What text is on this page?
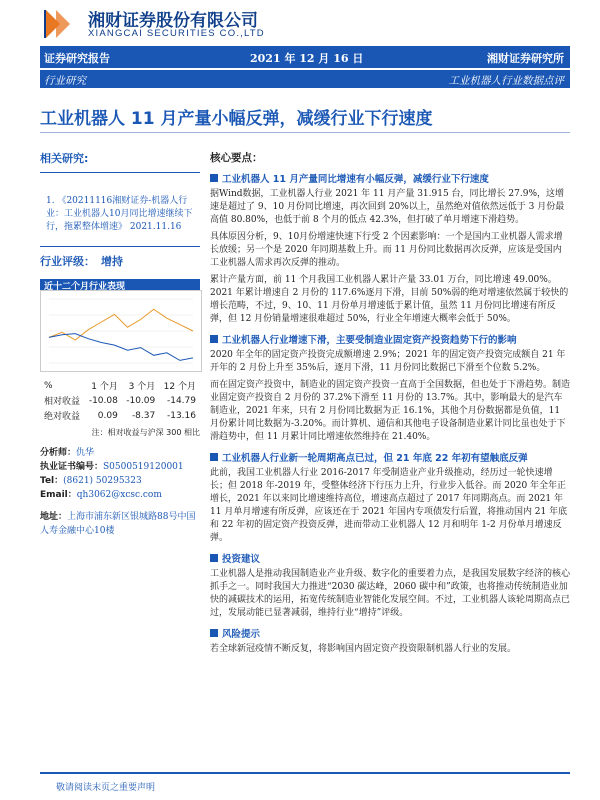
湘财证券股份有限公司
XIANGCAI SECURITIES CO.,LTD
证券研究报告	2021 年 12 月 16 日	湘财证券研究所
行业研究	工业机器人行业数据点评
工业机器人 11 月产量小幅反弹，减缓行业下行速度
相关研究:
1. 《20211116湘财证券-机器人行业：工业机器人10月同比增速继续下行，拖累整体增速》 2021.11.16
行业评级： 增持
近十二个月行业表现
%	1 个月	3 个月	12 个月
相对收益	-10.08	-10.09	-14.79
绝对收益	0.09	-8.37	-13.16
注：相对收益与沪深 300 相比
分析师：仇华
执业证书编号：S0500519120001
Tel：(8621) 50295323
Email：qh3062@xcsc.com
地址：上海市浦东新区银城路88号中国人寿金融中心10楼
核心要点：
工业机器人 11 月产量同比增速有小幅反弹，减缓行业下行速度

据Wind数据，工业机器人行业 2021 年 11 月产量 31.915 台，同比增长 27.9%，这增速是超过了 9、10 月份同比增速，再次回到 20%以上，虽然绝对值依然远低于 3 月份最高值 80.80%，也低于前 8 个月的低点 42.3%，但打破了单月增速下滑趋势。

具体原因分析，9、10月份增速快速下行受 2 个因素影响：一个是国内工业机器人需求增长放缓；另一个是 2020 年同期基数上升。而 11 月份同比数据再次反弹，应该是受国内工业机器人需求再次反弹的推动。

累计产量方面，前 11 个月我国工业机器人累计产量 33.01 万台，同比增速 49.00%。2021 年累计增速自 2 月份的 117.6%逐月下滑，目前 50%弱的绝对增速依然属于较快的增长范畴，不过，9、10、11 月份单月增速低于累计值，虽然 11 月份同比增速有所反弹，但 12 月份销量增速很难超过 50%，行业全年增速大概率会低于 50%。

工业机器人行业增速下滑，主要受制造业固定资产投资趋势下行的影响

2020 年全年的固定资产投资完成额增速 2.9%；2021 年的固定资产投资完成额自 21 年开年的 2 月份上升至 35%后，逐月下滑，11 月份同比数据已下滑至个位数 5.2%。

而在固定资产投资中，制造业的固定资产投资一直高于全国数据，但也处于下滑趋势。制造业固定资产投资自 2 月份的 37.2%下滑至 11 月份的 13.7%。其中，影响最大的是汽车制造业，2021 年来，只有 2 月份同比数据为正 16.1%，其他个月份数据都是负值，11 月份累计同比数据为-3.20%。而计算机、通信和其他电子设备制造业累计同比虽也处于下滑趋势中，但 11 月累计同比增速依然维持在 21.40%。

工业机器人行业新一轮周期高点已过，但 21 年底 22 年初有望触底反弹

此前，我国工业机器人行业 2016-2017 年受制造业产业升级推动，经历过一轮快速增长；但 2018 年-2019 年，受整体经济下行压力上升，行业步入低谷。而 2020 年全年正增长，2021 年以来同比增速维持高位，增速高点超过了 2017 年同期高点。而 2021 年 11 月单月增速有所反弹，应该还在于 2021 年国内专项债发行后置，将推动国内 21 年底和 22 年初的固定资产投资反弹，进而带动工业机器人 12 月和明年 1-2 月份单月增速反弹。

投资建议

工业机器人是推动我国制造业产业升级、数字化的重要着力点，是我国发展数字经济的核心抓手之一。同时我国大力推进“2030 碳达峰，2060 碳中和”政策，也将推动传统制造业加快的减碳技术的运用，拓宽传统制造业智能化发展空间。不过，工业机器人该轮周期高点已过，发展动能已显著减弱，维持行业“增持”评级。

风险提示

若全球新冠疫情不断反复，将影响国内固定资产投资限制机器人行业的发展。

敬请阅读末页之重要声明
